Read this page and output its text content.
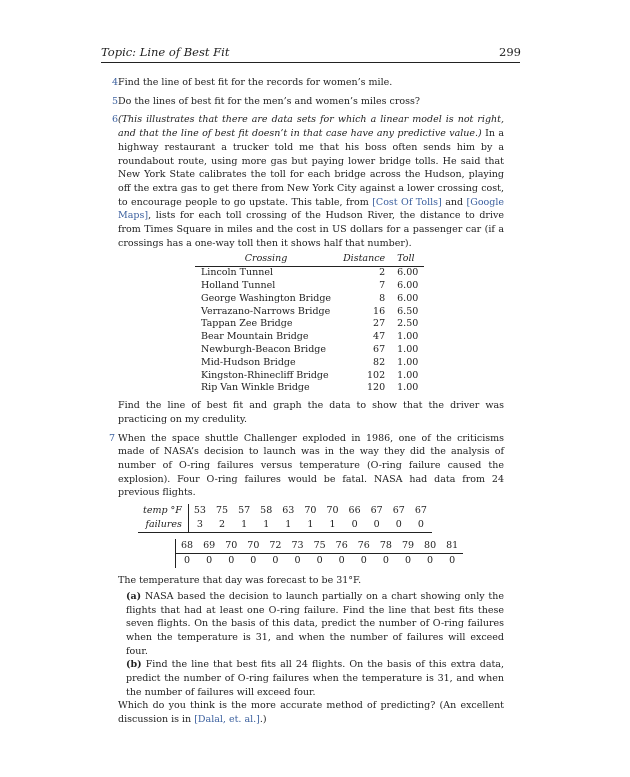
Topic: Line of Best Fit	299

4 Find the line of best fit for the records for women’s mile.

5 Do the lines of best fit for the men’s and women’s miles cross?

6 (This illustrates that there are data sets for which a linear model is not right, and that the line of best fit doesn’t in that case have any predictive value.) In a highway restaurant a trucker told me that his boss often sends him by a roundabout route, using more gas but paying lower bridge tolls. He said that New York State calibrates the toll for each bridge across the Hudson, playing off the extra gas to get there from New York City against a lower crossing cost, to encourage people to go upstate. This table, from [Cost Of Tolls] and [Google Maps], lists for each toll crossing of the Hudson River, the distance to drive from Times Square in miles and the cost in US dollars for a passenger car (if a crossings has a one-way toll then it shows half that number).

Crossing	Distance	Toll
Lincoln Tunnel	2	6.00
Holland Tunnel	7	6.00
George Washington Bridge	8	6.00
Verrazano-Narrows Bridge	16	6.50
Tappan Zee Bridge	27	2.50
Bear Mountain Bridge	47	1.00
Newburgh-Beacon Bridge	67	1.00
Mid-Hudson Bridge	82	1.00
Kingston-Rhinecliff Bridge	102	1.00
Rip Van Winkle Bridge	120	1.00

Find the line of best fit and graph the data to show that the driver was practicing on my credulity.

7 When the space shuttle Challenger exploded in 1986, one of the criticisms made of NASA’s decision to launch was in the way they did the analysis of number of O-ring failures versus temperature (O-ring failure caused the explosion). Four O-ring failures would be fatal. NASA had data from 24 previous flights.

temp °F	53	75	57	58	63	70	70	66	67	67	67
failures	3	2	1	1	1	1	1	0	0	0	0
68	69	70	70	72	73	75	76	76	78	79	80	81
0	0	0	0	0	0	0	0	0	0	0	0	0

The temperature that day was forecast to be 31°F.

(a) NASA based the decision to launch partially on a chart showing only the flights that had at least one O-ring failure. Find the line that best fits these seven flights. On the basis of this data, predict the number of O-ring failures when the temperature is 31, and when the number of failures will exceed four.

(b) Find the line that best fits all 24 flights. On the basis of this extra data, predict the number of O-ring failures when the temperature is 31, and when the number of failures will exceed four.

Which do you think is the more accurate method of predicting? (An excellent discussion is in [Dalal, et. al.].)
